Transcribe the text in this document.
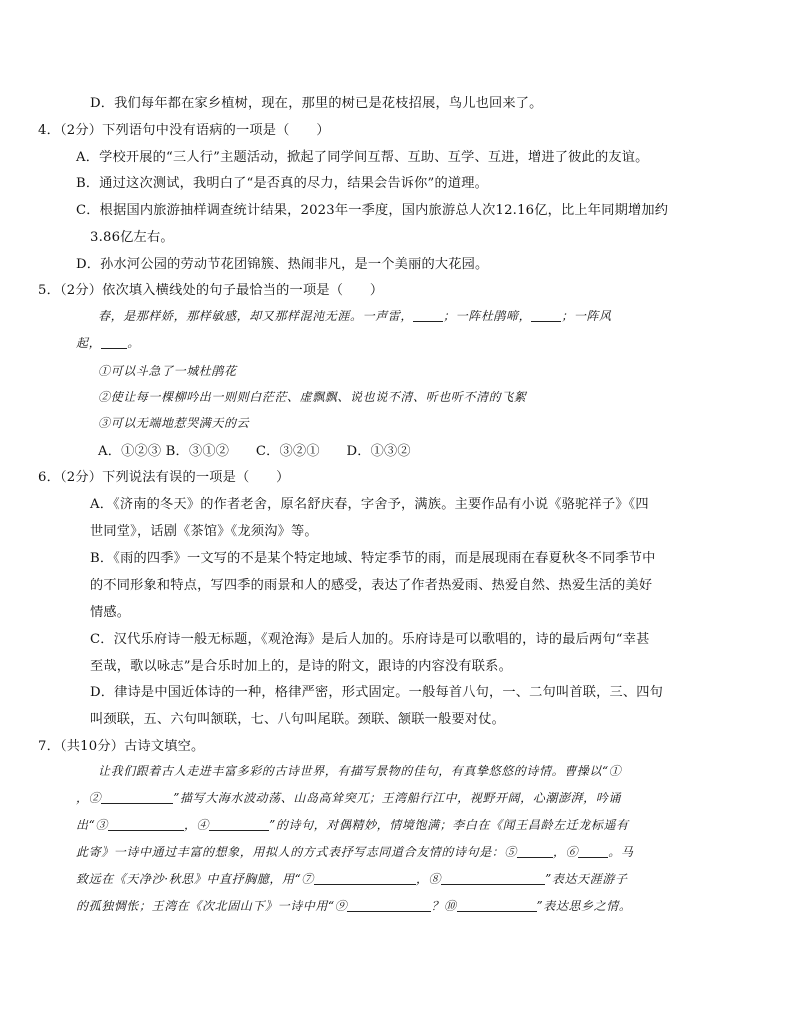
D．我们每年都在家乡植树，现在，那里的树已是花枝招展，鸟儿也回来了。
4．（2分）下列语句中没有语病的一项是（　　）
A．学校开展的“三人行”主题活动，掀起了同学间互帮、互助、互学、互进，增进了彼此的友谊。
B．通过这次测试，我明白了“是否真的尽力，结果会告诉你”的道理。
C．根据国内旅游抽样调查统计结果，2023年一季度，国内旅游总人次12.16亿，比上年同期增加约
3.86亿左右。
D．孙水河公园的劳动节花团锦簇、热闹非凡，是一个美丽的大花园。
5．（2分）依次填入横线处的句子最恰当的一项是（　　）
春，是那样娇，那样敏感，却又那样混沌无涯。一声雷，	；一阵杜鹃啼，	；一阵风
起， 。
①可以斗急了一城杜鹃花
②使让每一棵柳吟出一则则白茫茫、虚飘飘、说也说不清、听也听不清的飞絮
③可以无端地惹哭满天的云
A．①②③ B．③①②　　C．③②①　　D．①③②
6．（2分）下列说法有误的一项是（　　）
A．《济南的冬天》的作者老舍，原名舒庆春，字舍予，满族。主要作品有小说《骆驼祥子》《四
世同堂》，话剧《茶馆》《龙须沟》等。
B．《雨的四季》一文写的不是某个特定地域、特定季节的雨，而是展现雨在春夏秋冬不同季节中
的不同形象和特点，写四季的雨景和人的感受，表达了作者热爱雨、热爱自然、热爱生活的美好
情感。
C．汉代乐府诗一般无标题，《观沧海》是后人加的。乐府诗是可以歌唱的，诗的最后两句“幸甚
至哉，歌以咏志”是合乐时加上的，是诗的附文，跟诗的内容没有联系。
D．律诗是中国近体诗的一种，格律严密，形式固定。一般每首八句，一、二句叫首联，三、四句
叫颈联，五、六句叫颔联，七、八句叫尾联。颈联、颔联一般要对仗。
7．（共10分）古诗文填空。
让我们跟着古人走进丰富多彩的古诗世界，有描写景物的佳句，有真挚悠悠的诗情。曹操以“①
，②	”描写大海水波动荡、山岛高耸突兀；王湾船行江中，视野开阔，心潮澎湃，吟诵
出“③	，④	”的诗句，对偶精妙，情境饱满；李白在《闻王昌龄左迁龙标遥有
此寄》一诗中通过丰富的想象，用拟人的方式表抒写志同道合友情的诗句是：⑤	，⑥	。马
致远在《天净沙·秋思》中直抒胸臆，用“⑦	，⑧	”表达天涯游子
的孤独惆怅；王湾在《次北固山下》一诗中用“⑨	？⑩	”表达思乡之情。
